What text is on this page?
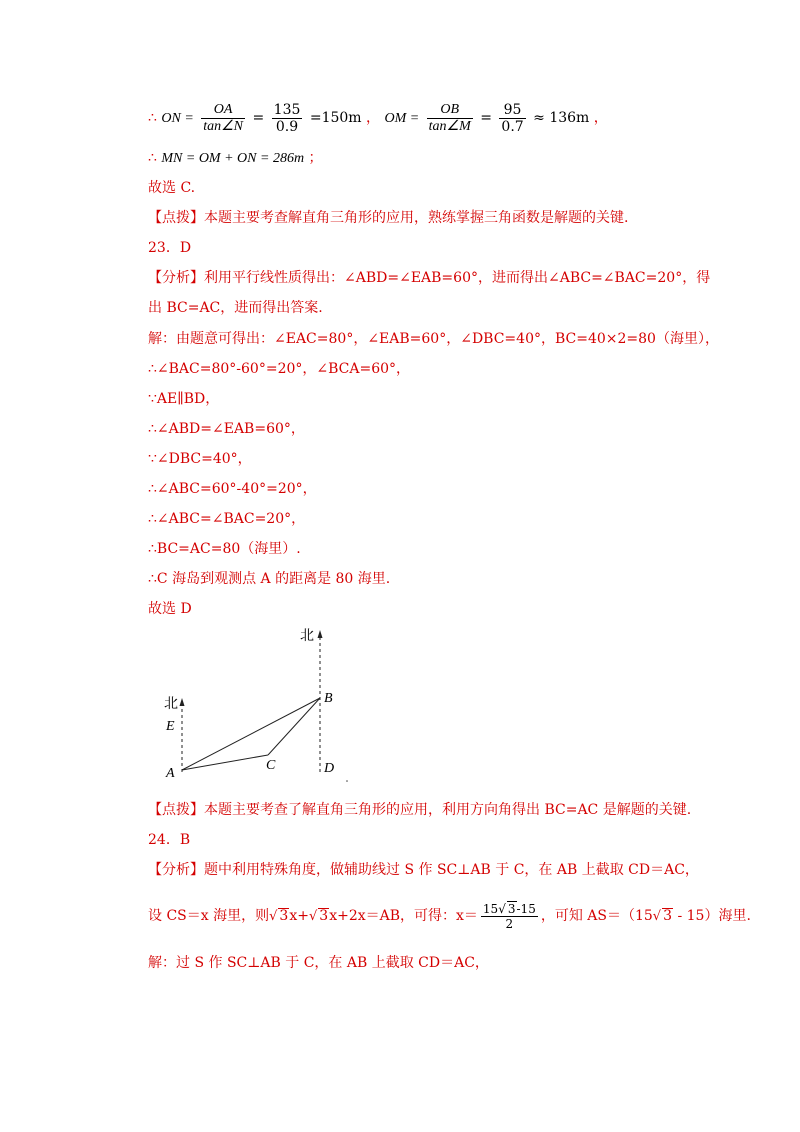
∴ ON = $\frac{OA}{\tan\angle N} = \frac{135}{0.9} =150m$ ， OM = $\frac{OB}{\tan\angle M} = \frac{95}{0.7} \approx 136m$ ，
∴ MN = OM + ON = 286m ；
故选 C.
【点拨】本题主要考查解直角三角形的应用，熟练掌握三角函数是解题的关键.
23．D
【分析】利用平行线性质得出：∠ABD=∠EAB=60°，进而得出∠ABC=∠BAC=20°，得
出 BC=AC，进而得出答案.
解：由题意可得出：∠EAC=80°，∠EAB=60°，∠DBC=40°，BC=40×2=80（海里），
∴∠BAC=80°-60°=20°，∠BCA=60°，
∵AE∥BD，
∴∠ABD=∠EAB=60°，
∵∠DBC=40°，
∴∠ABC=60°-40°=20°，
∴∠ABC=∠BAC=20°，
∴BC=AC=80（海里）.
∴C 海岛到观测点 A 的距离是 80 海里.
故选 D
北
北
E
A
B
C	D
【点拨】本题主要考查了解直角三角形的应用，利用方向角得出 BC=AC 是解题的关键.
24．B
【分析】题中利用特殊角度，做辅助线过 S 作 SC⊥AB 于 C，在 AB 上截取 CD＝AC，
设 CS＝x 海里，则√ 3x+√ 3x+2x＝AB，可得：$x= \frac{15√ 3-15}{2}$ ，可知 AS＝（15√ 3 - 15）海里.
解：过 S 作 SC⊥AB 于 C，在 AB 上截取 CD＝AC，
